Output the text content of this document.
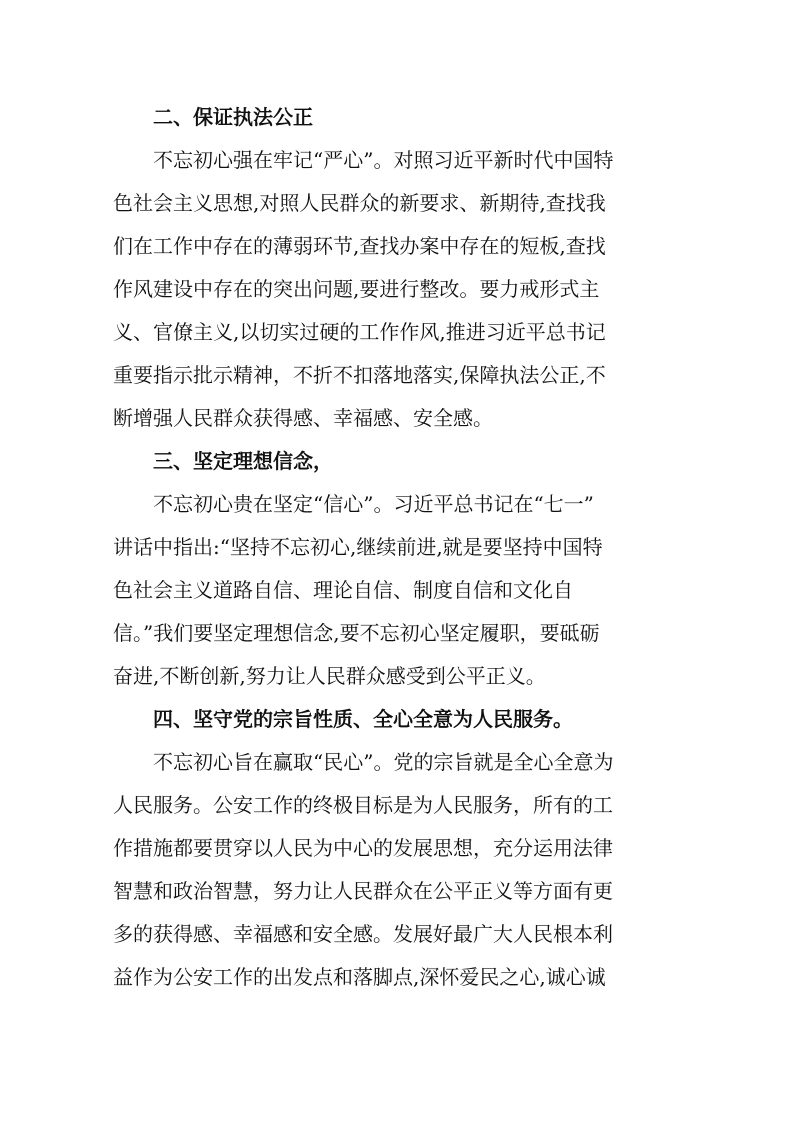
二、保证执法公正
不忘初心强在牢记“严心”。对照习近平新时代中国特
色社会主义思想,对照人民群众的新要求、新期待,查找我
们在工作中存在的薄弱环节,查找办案中存在的短板,查找
作风建设中存在的突出问题,要进行整改。要力戒形式主
义、官僚主义,以切实过硬的工作作风,推进习近平总书记
重要指示批示精神，不折不扣落地落实,保障执法公正,不
断增强人民群众获得感、幸福感、安全感。
三、坚定理想信念，
不忘初心贵在坚定“信心”。习近平总书记在“七一”
讲话中指出:“坚持不忘初心,继续前进,就是要坚持中国特
色社会主义道路自信、理论自信、制度自信和文化自
信。”我们要坚定理想信念,要不忘初心坚定履职，要砥砺
奋进,不断创新,努力让人民群众感受到公平正义。
四、坚守党的宗旨性质、全心全意为人民服务。
不忘初心旨在赢取“民心”。党的宗旨就是全心全意为
人民服务。公安工作的终极目标是为人民服务，所有的工
作措施都要贯穿以人民为中心的发展思想，充分运用法律
智慧和政治智慧，努力让人民群众在公平正义等方面有更
多的获得感、幸福感和安全感。发展好最广大人民根本利
益作为公安工作的出发点和落脚点,深怀爱民之心,诚心诚
